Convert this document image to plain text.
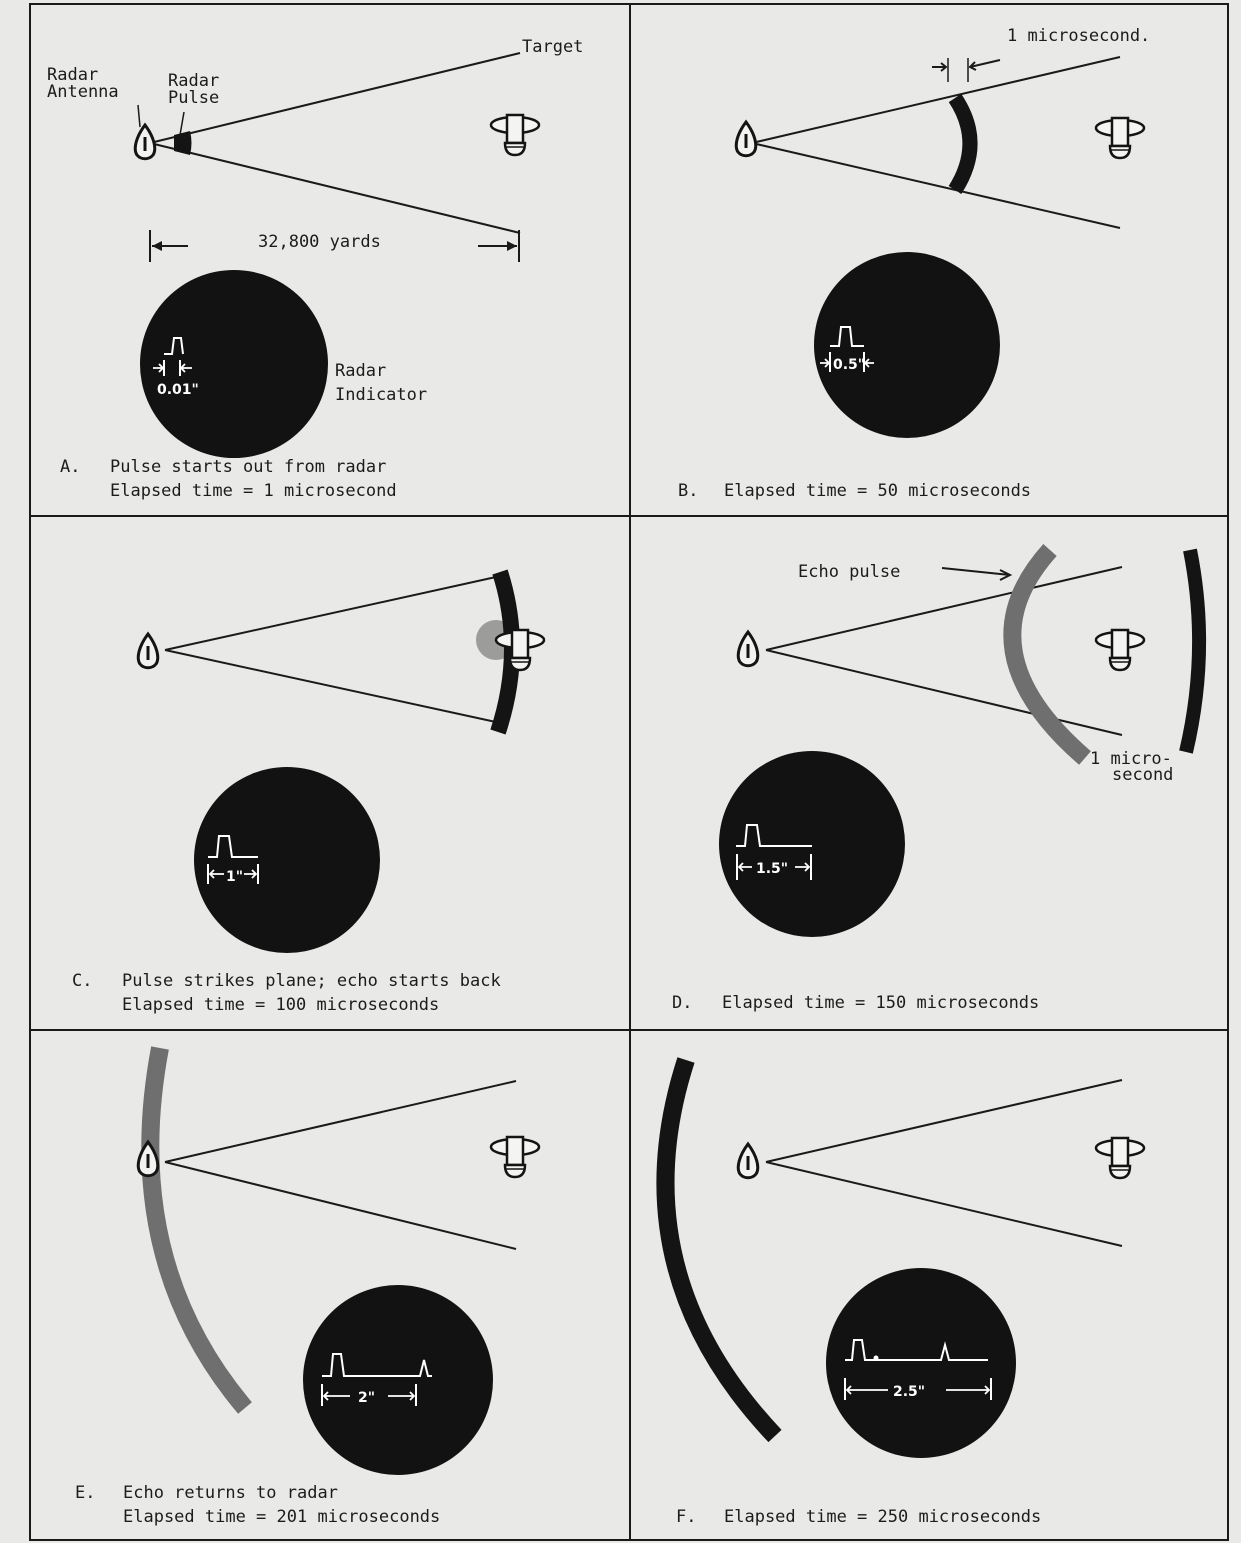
Radar
Antenna
Radar
Pulse
Target
32,800 yards
0.01"
Radar
Indicator
A. Pulse starts out from radar
Elapsed time = 1 microsecond
1 microsecond.
0.5"
B. Elapsed time = 50 microseconds
1"
C. Pulse strikes plane; echo starts back
Elapsed time = 100 microseconds
Echo pulse
1 micro-
second
1.5"
D. Elapsed time = 150 microseconds
2"
E. Echo returns to radar
Elapsed time = 201 microseconds
2.5"
F. Elapsed time = 250 microseconds
